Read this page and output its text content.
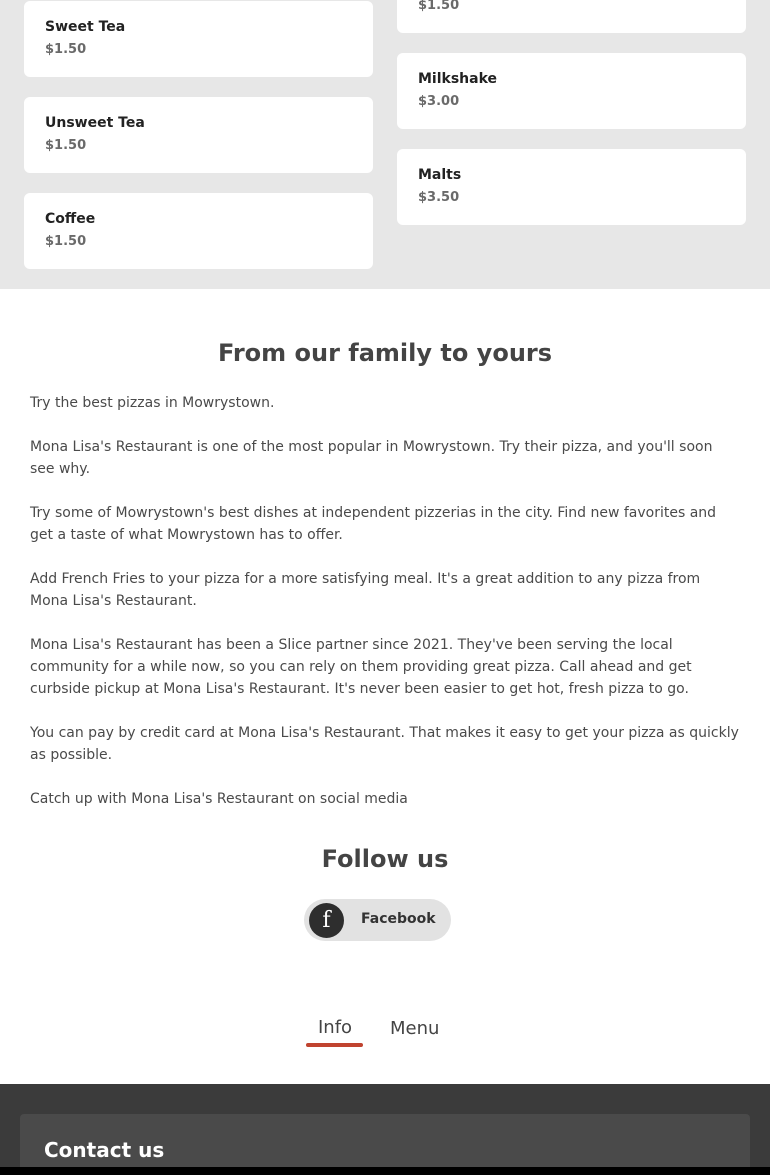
Sweet Tea
$1.50
Unsweet Tea
$1.50
Coffee
$1.50
$1.50
Milkshake
$3.00
Malts
$3.50
From our family to yours

Try the best pizzas in Mowrystown.

Mona Lisa's Restaurant is one of the most popular in Mowrystown. Try their pizza, and you'll soon see why.

Try some of Mowrystown's best dishes at independent pizzerias in the city. Find new favorites and get a taste of what Mowrystown has to offer.

Add French Fries to your pizza for a more satisfying meal. It's a great addition to any pizza from Mona Lisa's Restaurant.

Mona Lisa's Restaurant has been a Slice partner since 2021. They've been serving the local community for a while now, so you can rely on them providing great pizza. Call ahead and get curbside pickup at Mona Lisa's Restaurant. It's never been easier to get hot, fresh pizza to go.

You can pay by credit card at Mona Lisa's Restaurant. That makes it easy to get your pizza as quickly as possible.

Catch up with Mona Lisa's Restaurant on social media

Follow us
f	Facebook
Info Menu
Contact us
